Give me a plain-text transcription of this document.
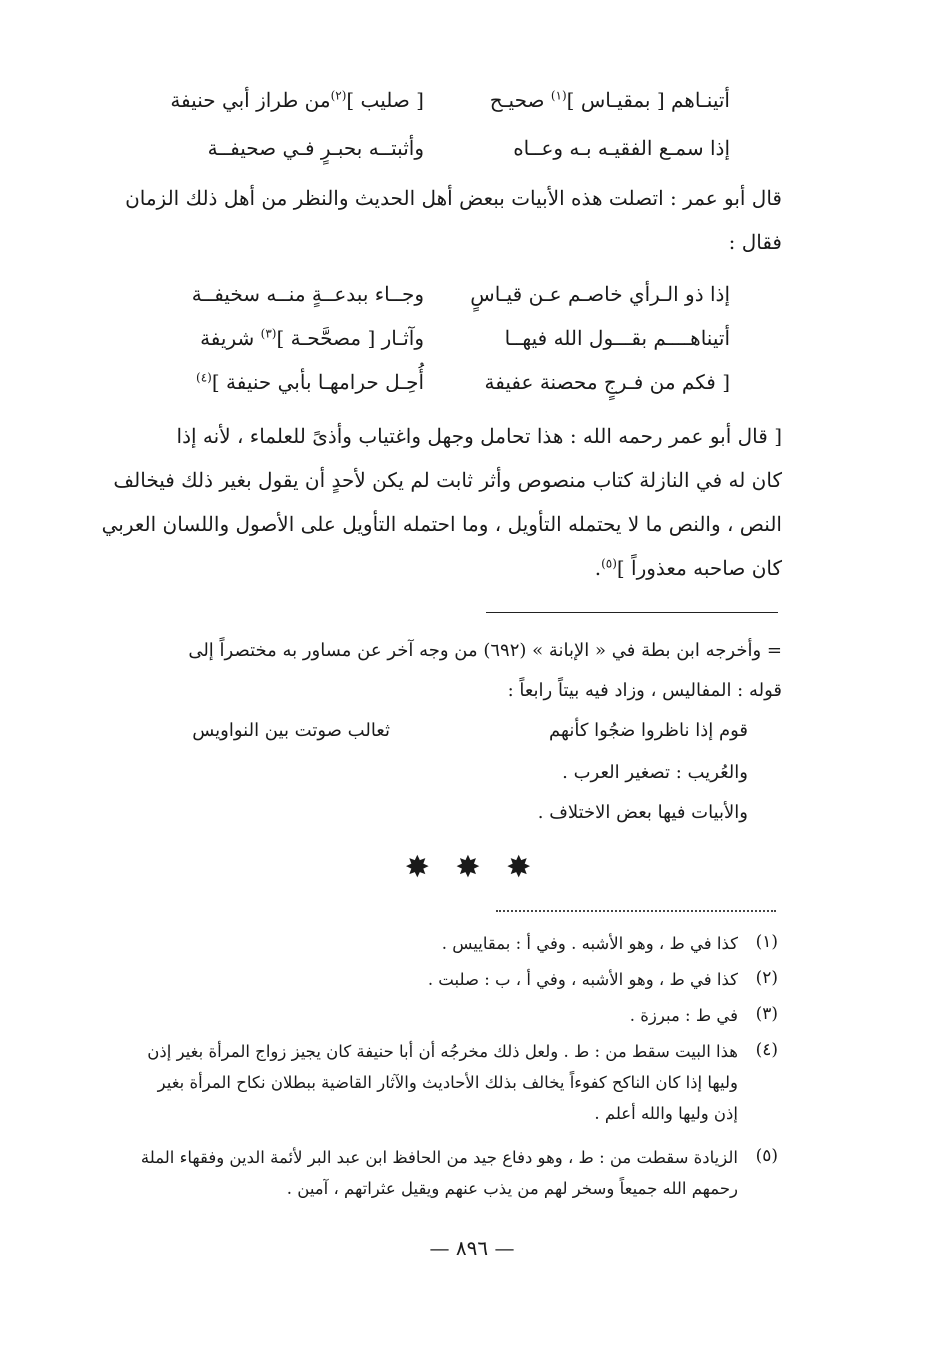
أتينـاهم [ بمقيـاس ]$^{(١)}$ صحيـح
[ صليب ]$^{(٢)}$من طراز أبي حنيفة
إذا سمـع الفقيـه بـه وعــاه
وأثبتــه بحبـرٍ فـي صحيفــة
قال أبو عمر : اتصلت هذه الأبيات ببعض أهل الحديث والنظر من أهل ذلك الزمان
فقال :
إذا ذو الـرأي خاصـم عـن قيـاسٍ
وجــاء ببدعــةٍ منــه سخيفــة
أتيناهــــم بقـــول الله فيهــا
وآثـار [ مصحَّحـة ]$^{(٣)}$ شريفة
[ فكم من فـرجٍ محصنة عفيفة
أُحِـل حرامهـا بأبي حنيفة ]$^{(٤)}$
[ قال أبو عمر رحمه الله : هذا تحامل وجهل واغتياب وأذىً للعلماء ، لأنه إذا
كان له في النازلة كتاب منصوص وأثر ثابت لم يكن لأحدٍ أن يقول بغير ذلك فيخالف
النص ، والنص ما لا يحتمله التأويل ، وما احتمله التأويل على الأصول واللسان العربي
كان صاحبه معذوراً ]$^{(٥)}$.
= وأخرجه ابن بطة في « الإبانة » (٦٩٢) من وجه آخر عن مساور به مختصراً إلى
قوله : المفاليس ، وزاد فيه بيتاً رابعاً :
قوم إذا ناظروا ضجُوا كأنهم
ثعالب صوتت بين النواويس
والعُريب : تصغير العرب .
والأبيات فيها بعض الاختلاف .
✸ ✸ ✸
(١)
كذا في ط ، وهو الأشبه . وفي أ : بمقاييس .
(٢)
كذا في ط ، وهو الأشبه ، وفي أ ، ب : صلبت .
(٣)
في ط : مبرزة .
(٤)
هذا البيت سقط من : ط . ولعل ذلك مخرجُه أن أبا حنيفة كان يجيز زواج المرأة بغير إذن
وليها إذا كان الناكح كفوءاً يخالف بذلك الأحاديث والآثار القاضية ببطلان نكاح المرأة بغير
إذن وليها والله أعلم .
(٥)
الزيادة سقطت من : ط ، وهو دفاع جيد من الحافظ ابن عبد البر لأئمة الدين وفقهاء الملة
رحمهم الله جميعاً وسخر لهم من يذب عنهم ويقيل عثراتهم ، آمين .
— ٨٩٦ —
